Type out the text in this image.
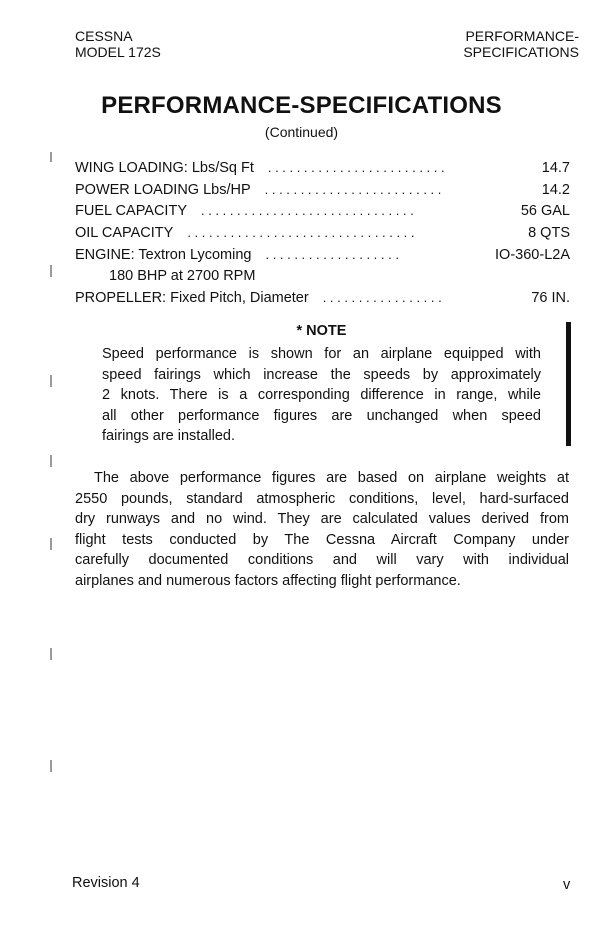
CESSNA
MODEL 172S
PERFORMANCE-
SPECIFICATIONS
PERFORMANCE-SPECIFICATIONS
(Continued)
WING LOADING: Lbs/Sq Ft .........................	14.7
POWER LOADING Lbs/HP .........................	14.2
FUEL CAPACITY ..............................	56 GAL
OIL CAPACITY ................................	8 QTS
ENGINE: Textron Lycoming ...................	IO-360-L2A
180 BHP at 2700 RPM
PROPELLER: Fixed Pitch, Diameter .................	76 IN.
* NOTE
Speed performance is shown for an airplane equipped with
speed fairings which increase the speeds by approximately
2 knots. There is a corresponding difference in range, while
all other performance figures are unchanged when speed
fairings are installed.
The above performance figures are based on airplane weights at
2550 pounds, standard atmospheric conditions, level, hard-surfaced
dry runways and no wind. They are calculated values derived from
flight tests conducted by The Cessna Aircraft Company under
carefully documented conditions and will vary with individual
airplanes and numerous factors affecting flight performance.
Revision 4	v
